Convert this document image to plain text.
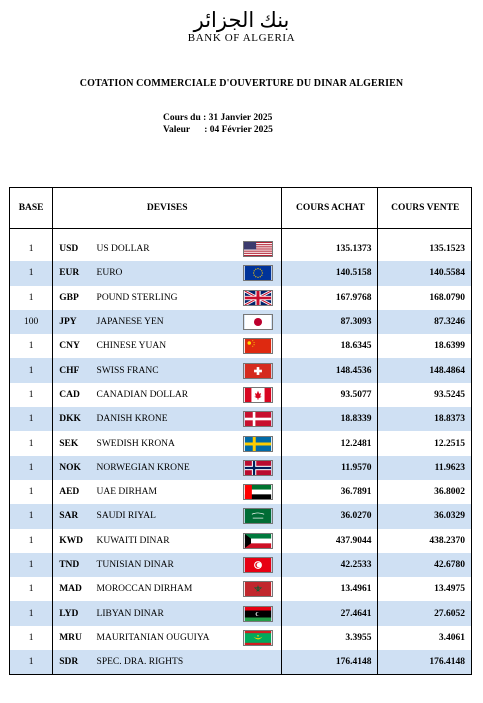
بنك الجزائر
BANK OF ALGERIA
COTATION COMMERCIALE D'OUVERTURE DU DINAR ALGERIEN
Cours du : 31 Janvier 2025
Valeur      : 04 Février 2025
BASE	DEVISES			COURS ACHAT	COURS VENTE

1	USD	US DOLLAR		135.1373	135.1523
1	EUR	EURO		140.5158	140.5584
1	GBP	POUND STERLING		167.9768	168.0790
100	JPY	JAPANESE YEN		87.3093	87.3246
1	CNY	CHINESE YUAN		18.6345	18.6399
1	CHF	SWISS FRANC		148.4536	148.4864
1	CAD	CANADIAN DOLLAR		93.5077	93.5245
1	DKK	DANISH KRONE		18.8339	18.8373
1	SEK	SWEDISH KRONA		12.2481	12.2515
1	NOK	NORWEGIAN KRONE		11.9570	11.9623
1	AED	UAE DIRHAM		36.7891	36.8002
1	SAR	SAUDI RIYAL		36.0270	36.0329
1	KWD	KUWAITI DINAR		437.9044	438.2370
1	TND	TUNISIAN DINAR		42.2533	42.6780
1	MAD	MOROCCAN DIRHAM		13.4961	13.4975
1	LYD	LIBYAN DINAR		27.4641	27.6052
1	MRU	MAURITANIAN OUGUIYA		3.3955	3.4061
1	SDR	SPEC. DRA. RIGHTS		176.4148	176.4148
